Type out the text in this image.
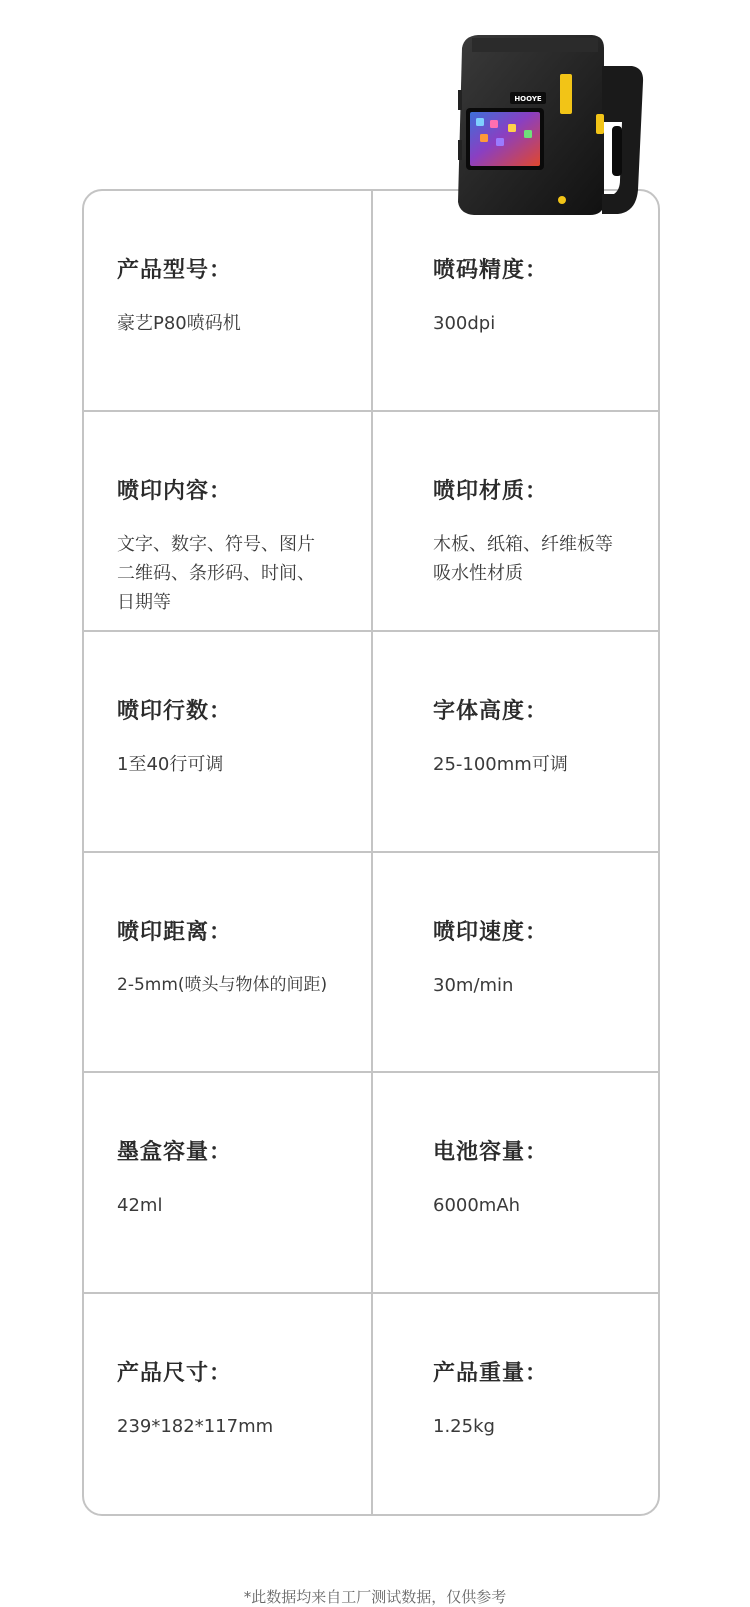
产品型号：
豪艺P80喷码机
喷码精度：
300dpi
喷印内容：
文字、数字、符号、图片
二维码、条形码、时间、
日期等
喷印材质：
木板、纸箱、纤维板等
吸水性材质
喷印行数：
1至40行可调
字体高度：
25-100mm可调
喷印距离：
2-5mm(喷头与物体的间距)
喷印速度：
30m/min
墨盒容量：
42ml
电池容量：
6000mAh
产品尺寸：
239*182*117mm
产品重量：
1.25kg
HOOYE
*此数据均来自工厂测试数据，仅供参考
